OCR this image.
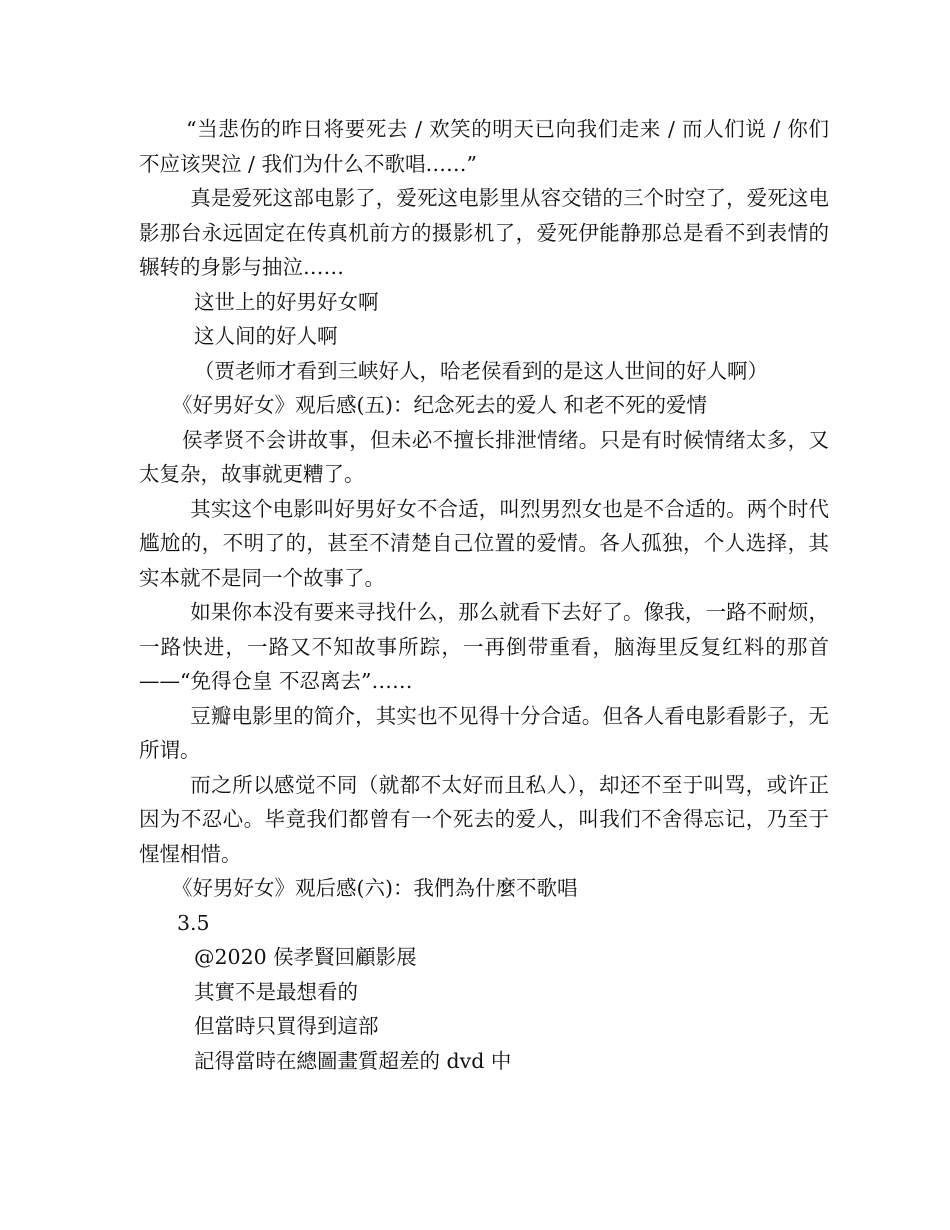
“当悲伤的昨日将要死去 / 欢笑的明天已向我们走来 / 而人们说 / 你们不应该哭泣 / 我们为什么不歌唱……”

真是爱死这部电影了，爱死这电影里从容交错的三个时空了，爱死这电影那台永远固定在传真机前方的摄影机了，爱死伊能静那总是看不到表情的辗转的身影与抽泣……

这世上的好男好女啊

这人间的好人啊

（贾老师才看到三峡好人，哈老侯看到的是这人世间的好人啊）

《好男好女》观后感(五)：纪念死去的爱人 和老不死的爱情

侯孝贤不会讲故事，但未必不擅长排泄情绪。只是有时候情绪太多，又太复杂，故事就更糟了。

其实这个电影叫好男好女不合适，叫烈男烈女也是不合适的。两个时代尴尬的，不明了的，甚至不清楚自己位置的爱情。各人孤独，个人选择，其实本就不是同一个故事了。

如果你本没有要来寻找什么，那么就看下去好了。像我，一路不耐烦，一路快进，一路又不知故事所踪，一再倒带重看，脑海里反复红料的那首——“免得仓皇 不忍离去”……

豆瓣电影里的简介，其实也不见得十分合适。但各人看电影看影子，无所谓。

而之所以感觉不同（就都不太好而且私人），却还不至于叫骂，或许正因为不忍心。毕竟我们都曾有一个死去的爱人，叫我们不舍得忘记，乃至于惺惺相惜。

《好男好女》观后感(六)：我們為什麼不歌唱

3.5

@2020 侯孝賢回顧影展

其實不是最想看的

但當時只買得到這部

記得當時在總圖畫質超差的 dvd 中
